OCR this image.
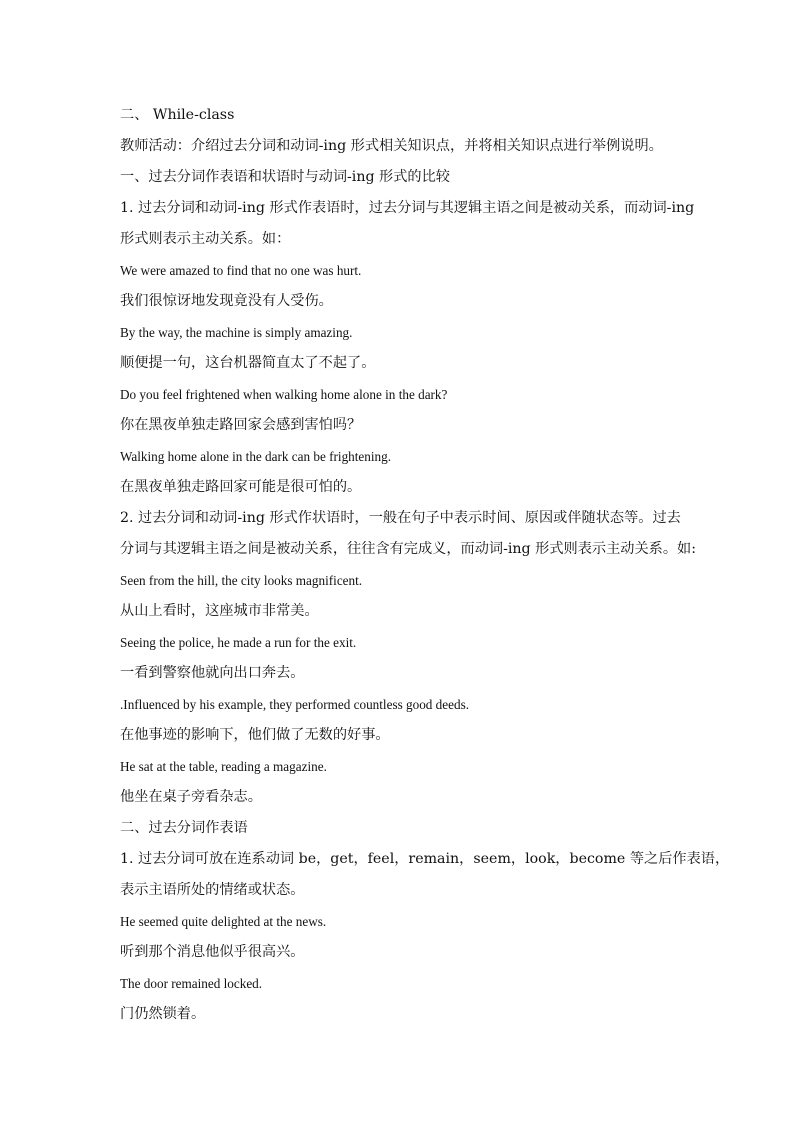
二、 While-class
教师活动：介绍过去分词和动词-ing 形式相关知识点，并将相关知识点进行举例说明。
一、过去分词作表语和状语时与动词-ing 形式的比较
1. 过去分词和动词-ing 形式作表语时，过去分词与其逻辑主语之间是被动关系，而动词-ing
形式则表示主动关系。如：
We were amazed to find that no one was hurt.
我们很惊讶地发现竟没有人受伤。
By the way, the machine is simply amazing.
顺便提一句，这台机器简直太了不起了。
Do you feel frightened when walking home alone in the dark?
你在黑夜单独走路回家会感到害怕吗？
Walking home alone in the dark can be frightening.
在黑夜单独走路回家可能是很可怕的。
2. 过去分词和动词-ing 形式作状语时，一般在句子中表示时间、原因或伴随状态等。过去
分词与其逻辑主语之间是被动关系，往往含有完成义，而动词-ing 形式则表示主动关系。如:
Seen from the hill, the city looks magnificent.
从山上看时，这座城市非常美。
Seeing the police, he made a run for the exit.
一看到警察他就向出口奔去。
.Influenced by his example, they performed countless good deeds.
在他事迹的影响下，他们做了无数的好事。
He sat at the table, reading a magazine.
他坐在桌子旁看杂志。
二、过去分词作表语
1. 过去分词可放在连系动词 be，get，feel，remain，seem，look，become 等之后作表语，
表示主语所处的情绪或状态。
He seemed quite delighted at the news.
听到那个消息他似乎很高兴。
The door remained locked.
门仍然锁着。
